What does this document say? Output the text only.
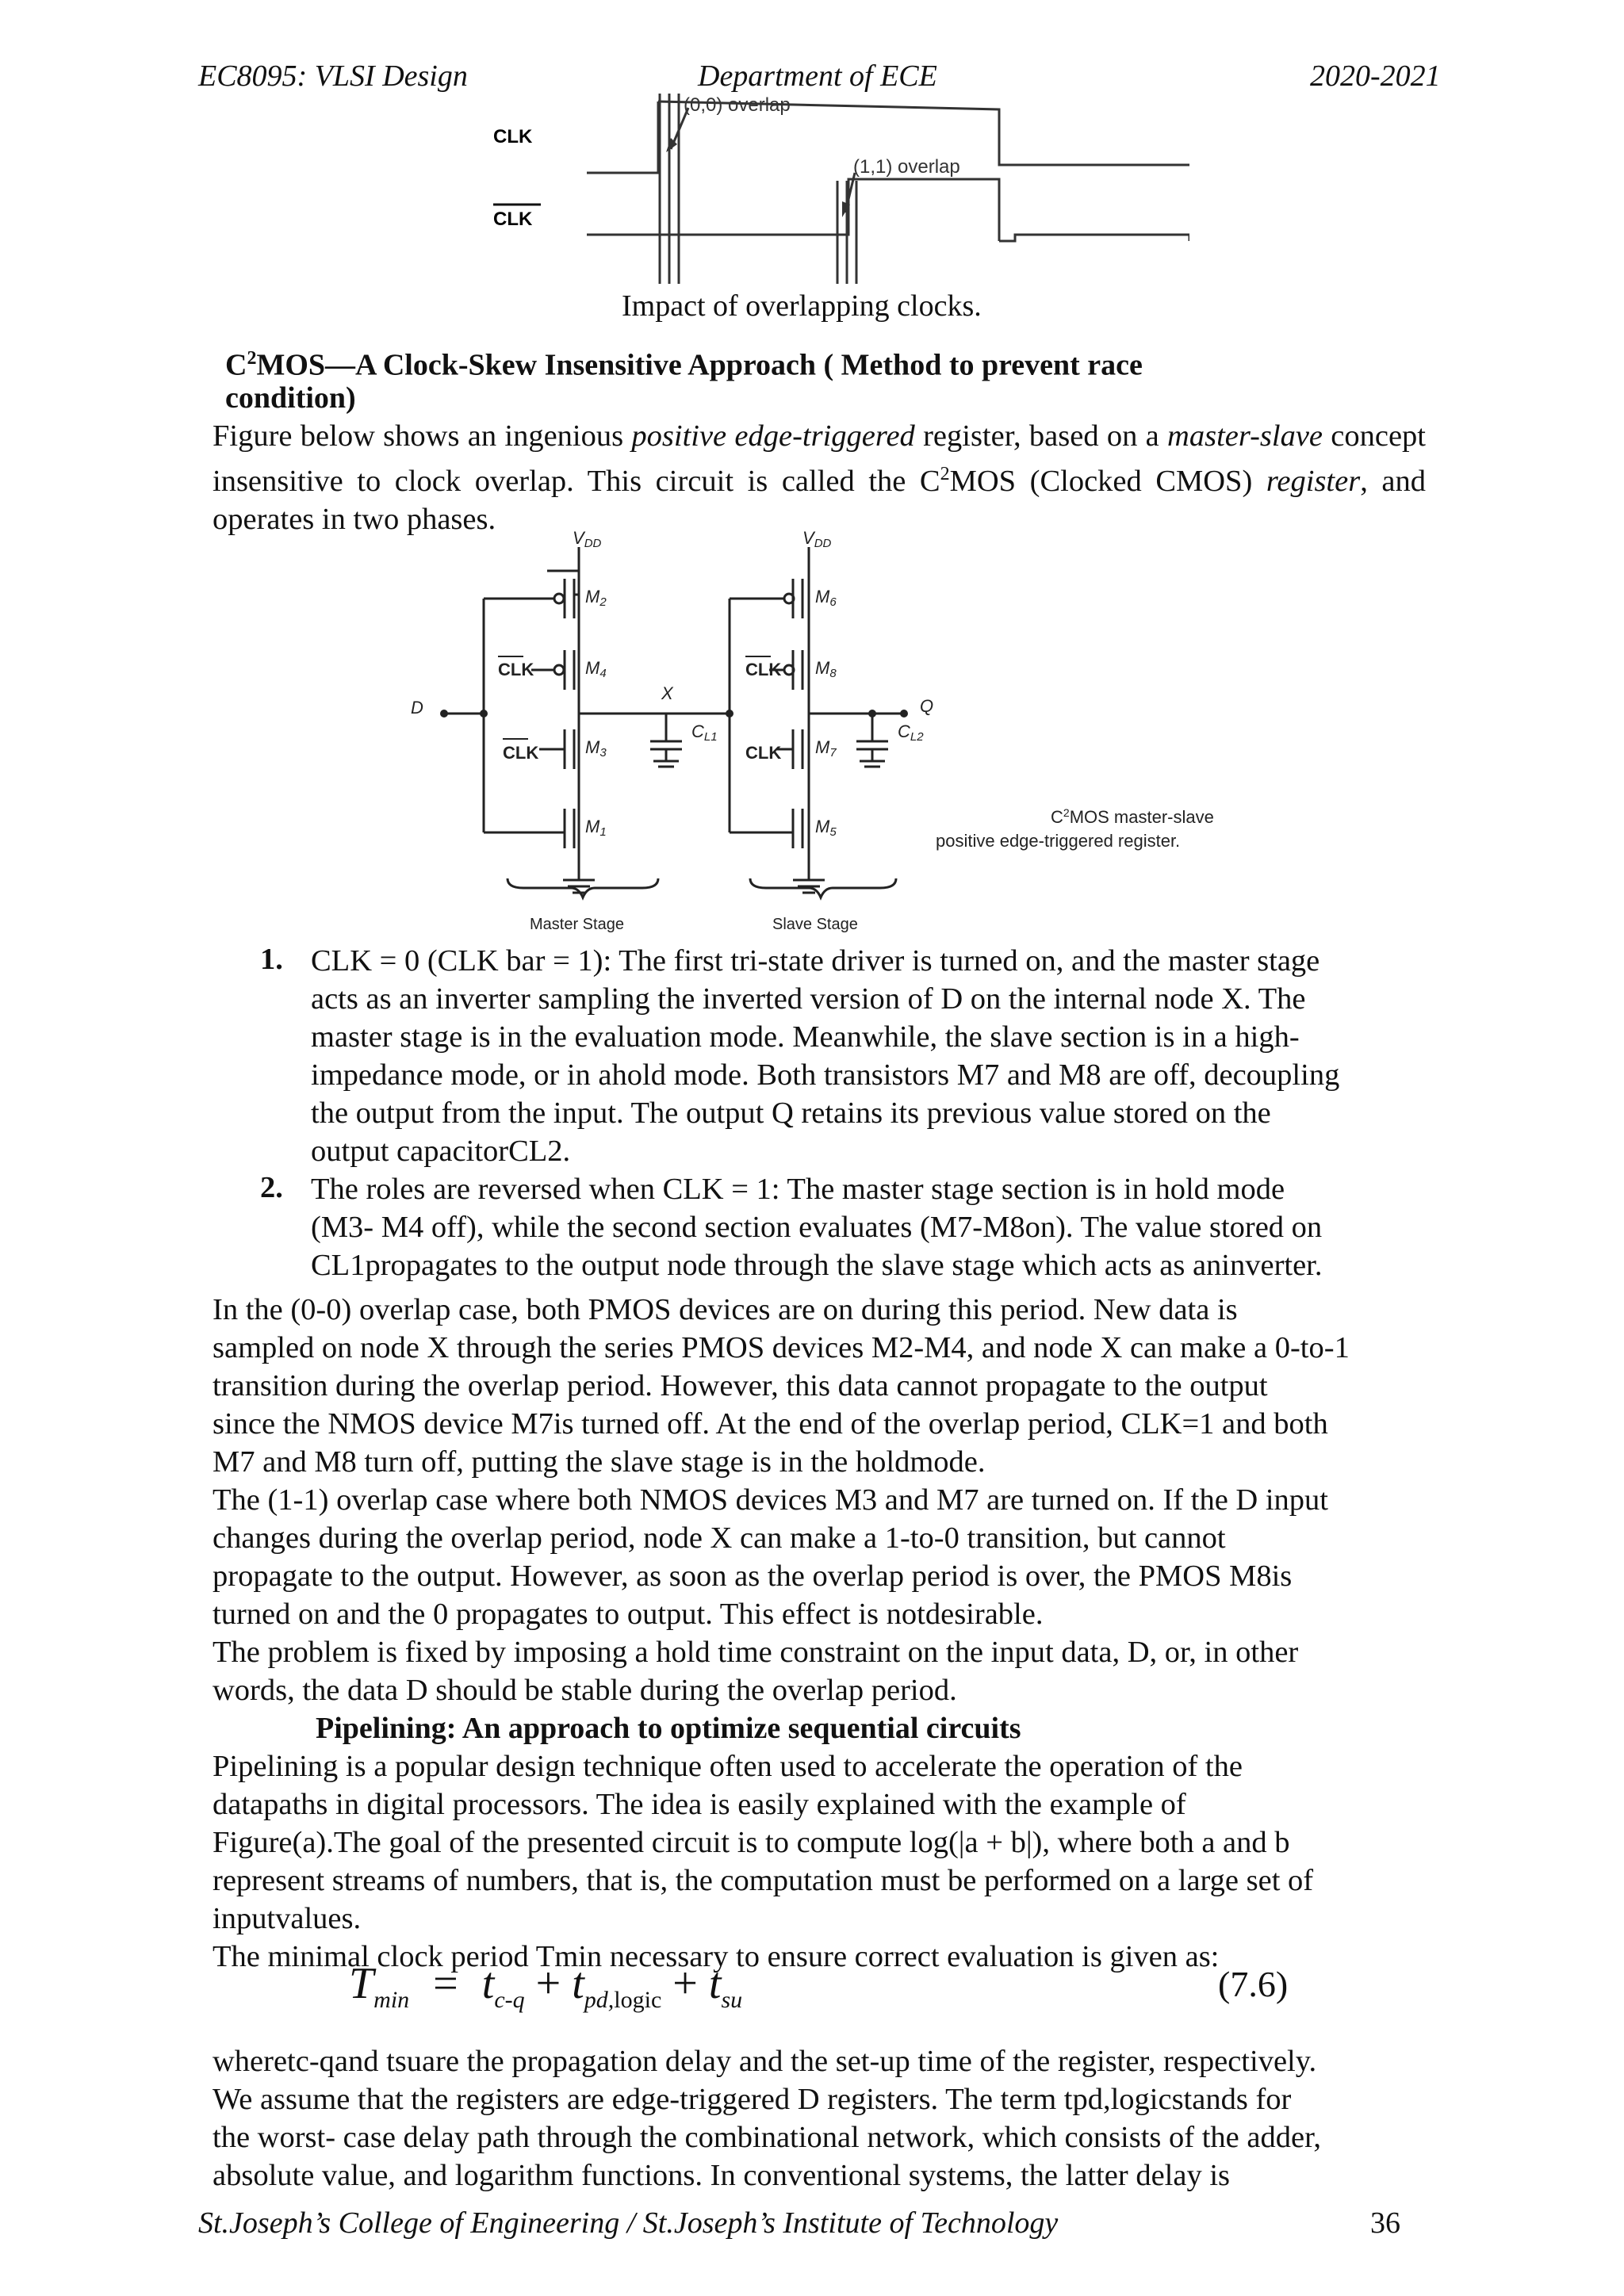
EC8095: VLSI Design	Department of ECE	2020-2021
CLK
CLK
(0,0) overlap
(1,1) overlap
Impact of overlapping clocks.
$C^2MOS—A$ Clock-Skew Insensitive Approach ( Method to prevent race
condition)
Figure below shows an ingenious positive edge-triggered register, based on a master-slave concept insensitive to clock overlap. This circuit is called the $C^2MOS$ (Clocked CMOS) register, and operates in two phases.
VDD	VDD
M2
M4
M3
M1
M6
M8
M7
M5
CLK
CLK
CLK
CLK
D
X
Q
CL1	CL2
$C^2MOS$ master-slave
positive edge-triggered register.
Master Stage	Slave Stage
1. CLK = 0 (CLK bar = 1): The first tri-state driver is turned on, and the master stage
acts as an inverter sampling the inverted version of D on the internal node X. The
master stage is in the evaluation mode. Meanwhile, the slave section is in a high-
impedance mode, or in ahold mode. Both transistors M7 and M8 are off, decoupling
the output from the input. The output Q retains its previous value stored on the
output capacitorCL2.
2. The roles are reversed when CLK = 1: The master stage section is in hold mode
(M3- M4 off), while the second section evaluates (M7-M8on). The value stored on
CL1propagates to the output node through the slave stage which acts as aninverter.
In the (0-0) overlap case, both PMOS devices are on during this period. New data is
sampled on node X through the series PMOS devices M2-M4, and node X can make a 0-to-1
transition during the overlap period. However, this data cannot propagate to the output
since the NMOS device M7is turned off. At the end of the overlap period, CLK=1 and both
M7 and M8 turn off, putting the slave stage is in the holdmode.
The (1-1) overlap case where both NMOS devices M3 and M7 are turned on. If the D input
changes during the overlap period, node X can make a 1-to-0 transition, but cannot
propagate to the output. However, as soon as the overlap period is over, the PMOS M8is
turned on and the 0 propagates to output. This effect is notdesirable.
The problem is fixed by imposing a hold time constraint on the input data, D, or, in other
words, the data D should be stable during the overlap period.
Pipelining: An approach to optimize sequential circuits
Pipelining is a popular design technique often used to accelerate the operation of the
datapaths in digital processors. The idea is easily explained with the example of
Figure(a).The goal of the presented circuit is to compute log(|a + b|), where both a and b
represent streams of numbers, that is, the computation must be performed on a large set of
inputvalues.
The minimal clock period Tmin necessary to ensure correct evaluation is given as:
$T_{min} = t_{c-q} + t_{pd,logic} + t_{su}$	(7.6)
wheretc-qand tsuare the propagation delay and the set-up time of the register, respectively.
We assume that the registers are edge-triggered D registers. The term tpd,logicstands for
the worst- case delay path through the combinational network, which consists of the adder,
absolute value, and logarithm functions. In conventional systems, the latter delay is
St.Joseph’s College of Engineering / St.Joseph’s Institute of Technology	36
